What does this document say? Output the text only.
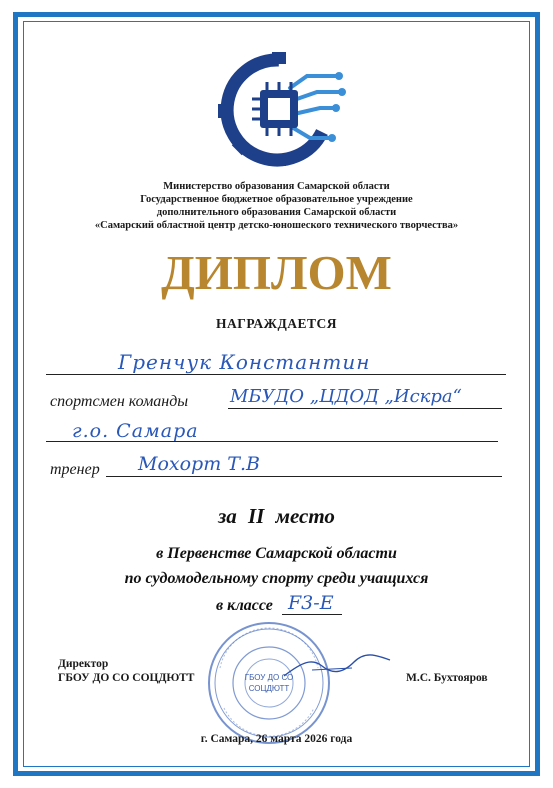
Министерство образования Самарской области
Государственное бюджетное образовательное учреждение
дополнительного образования Самарской области
«Самарский областной центр детско-юношеского технического творчества»
ДИПЛОМ
НАГРАЖДАЕТСЯ
Гренчук Константин
спортсмен команды МБУДО „ЦДОД „Искра“
г.о. Самара
тренер Мохорт Т.В
за II место
в Первенстве Самарской области
по судомодельному спорту среди учащихся
в классе F3-E
Директор
ГБОУ ДО СО СОЦДЮТТ	М.С. Бухтояров
ГБОУ ДО СО
СОЦДЮТТ
г. Самара, 26 марта 2026 года
